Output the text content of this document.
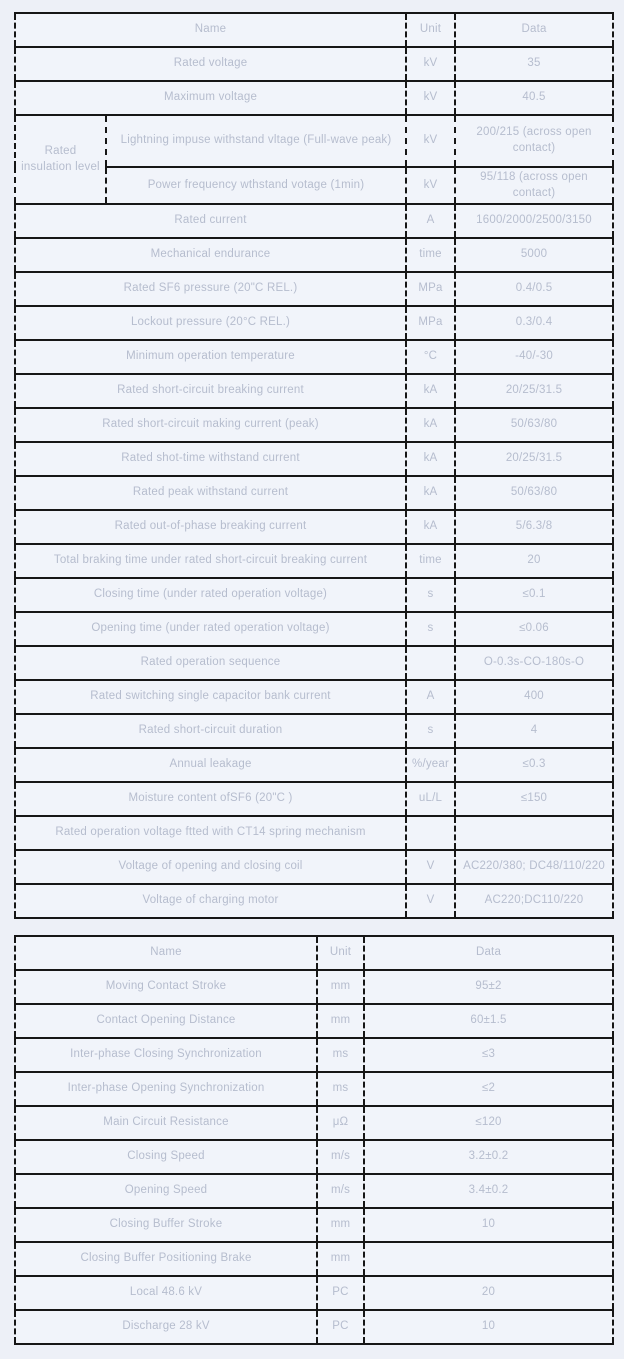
Name		Unit	Data
Rated voltage		kV	35
Maximum voltage		kV	40.5
Rated insulation level	Lightning impuse withstand vltage (Full-wave peak)	kV	200/215 (across open contact)
	Power frequency wthstand votage (1min)	kV	95/118 (across open contact)
Rated current		A	1600/2000/2500/3150
Mechanical endurance		time	5000
Rated SF6 pressure (20"C REL.)		MPa	0.4/0.5
Lockout pressure (20°C REL.)		MPa	0.3/0.4
Minimum operation temperature		°C	-40/-30
Rated short-circuit breaking current		kA	20/25/31.5
Rated short-circuit making current (peak)		kA	50/63/80
Rated shot-time withstand current		kA	20/25/31.5
Rated peak withstand current		kA	50/63/80
Rated out-of-phase breaking current		kA	5/6.3/8
Total braking time under rated short-circuit breaking current		time	20
Closing time (under rated operation voltage)		s	≤0.1
Opening time (under rated operation voltage)		s	≤0.06
Rated operation sequence			O-0.3s-CO-180s-O
Rated switching single capacitor bank current		A	400
Rated short-circuit duration		s	4
Annual leakage		%/year	≤0.3
Moisture content ofSF6 (20"C )		uL/L	≤150
Rated operation voltage ftted with CT14 spring mechanism			
Voltage of opening and closing coil		V	AC220/380; DC48/110/220
Voltage of charging motor		V	AC220;DC110/220
Name	Unit	Data
Moving Contact Stroke	mm	95±2
Contact Opening Distance	mm	60±1.5
Inter-phase Closing Synchronization	ms	≤3
Inter-phase Opening Synchronization	ms	≤2
Main Circuit Resistance	μΩ	≤120
Closing Speed	m/s	3.2±0.2
Opening Speed	m/s	3.4±0.2
Closing Buffer Stroke	mm	10
Closing Buffer Positioning Brake	mm	
Local 48.6 kV	PC	20
Discharge 28 kV	PC	10
